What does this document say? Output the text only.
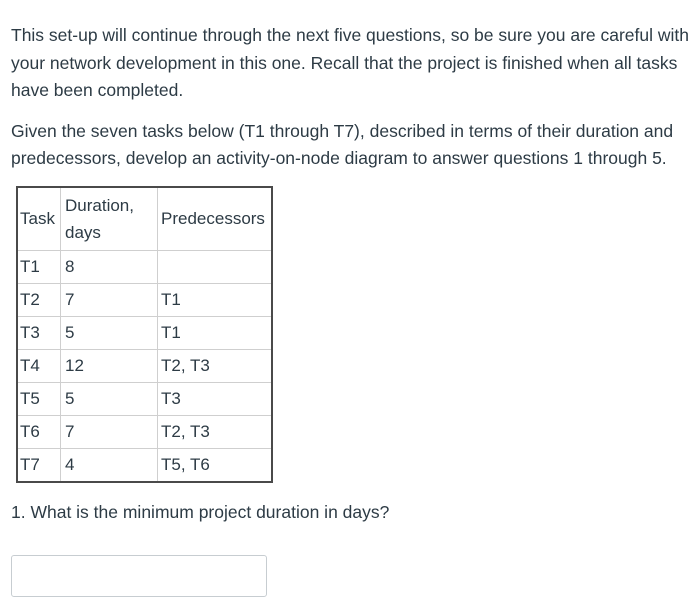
This set-up will continue through the next five questions, so be sure you are careful with your network development in this one. Recall that the project is finished when all tasks have been completed.

Given the seven tasks below (T1 through T7), described in terms of their duration and predecessors, develop an activity-on-node diagram to answer questions 1 through 5.

Task	Duration, days	Predecessors
T1	8	
T2	7	T1
T3	5	T1
T4	12	T2, T3
T5	5	T3
T6	7	T2, T3
T7	4	T5, T6

1. What is the minimum project duration in days?
